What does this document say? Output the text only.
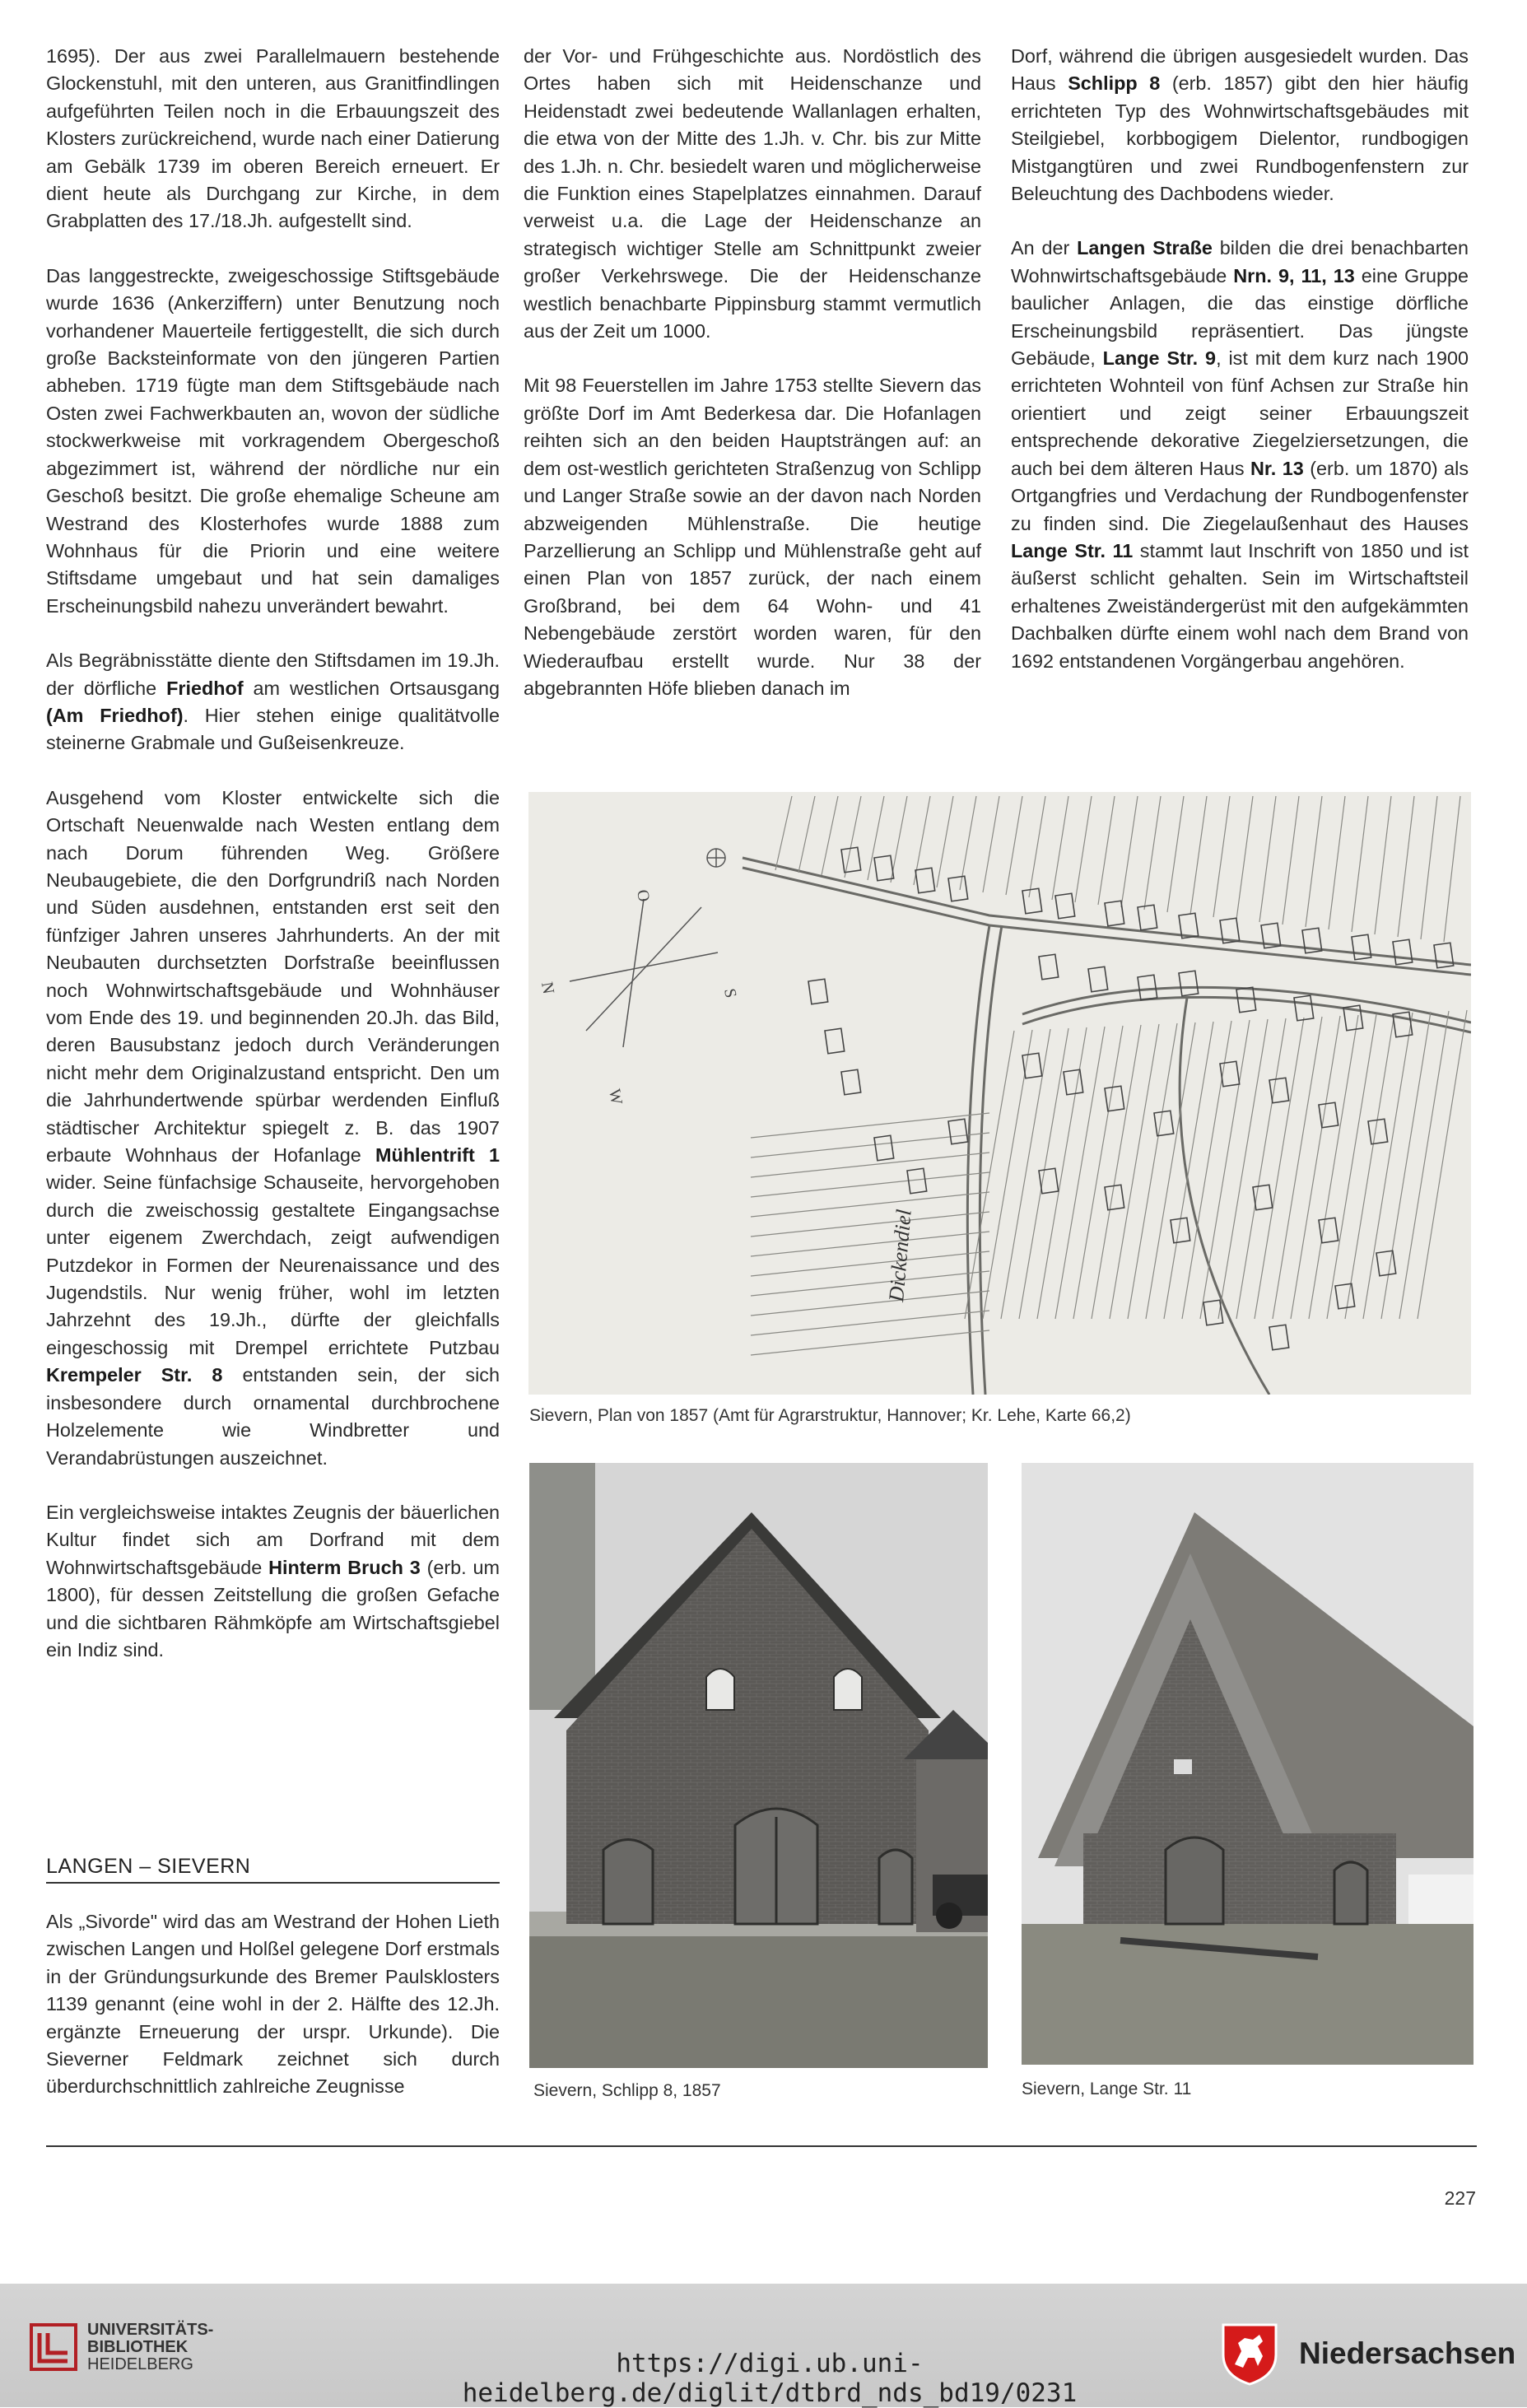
1695). Der aus zwei Parallelmauern bestehende Glockenstuhl, mit den unteren, aus Granitfindlingen aufgeführten Teilen noch in die Erbauungszeit des Klosters zurückreichend, wurde nach einer Datierung am Gebälk 1739 im oberen Bereich erneuert. Er dient heute als Durchgang zur Kirche, in dem Grabplatten des 17./18.Jh. aufgestellt sind.

Das langgestreckte, zweigeschossige Stiftsgebäude wurde 1636 (Ankerziffern) unter Benutzung noch vorhandener Mauerteile fertiggestellt, die sich durch große Backsteinformate von den jüngeren Partien abheben. 1719 fügte man dem Stiftsgebäude nach Osten zwei Fachwerkbauten an, wovon der südliche stockwerkweise mit vorkragendem Obergeschoß abgezimmert ist, während der nördliche nur ein Geschoß besitzt. Die große ehemalige Scheune am Westrand des Klosterhofes wurde 1888 zum Wohnhaus für die Priorin und eine weitere Stiftsdame umgebaut und hat sein damaliges Erscheinungsbild nahezu unverändert bewahrt.

Als Begräbnisstätte diente den Stiftsdamen im 19.Jh. der dörfliche Friedhof am westlichen Ortsausgang (Am Friedhof). Hier stehen einige qualitätvolle steinerne Grabmale und Gußeisenkreuze.

Ausgehend vom Kloster entwickelte sich die Ortschaft Neuenwalde nach Westen entlang dem nach Dorum führenden Weg. Größere Neubaugebiete, die den Dorfgrundriß nach Norden und Süden ausdehnen, entstanden erst seit den fünfziger Jahren unseres Jahrhunderts. An der mit Neubauten durchsetzten Dorfstraße beeinflussen noch Wohnwirtschaftsgebäude und Wohnhäuser vom Ende des 19. und beginnenden 20.Jh. das Bild, deren Bausubstanz jedoch durch Veränderungen nicht mehr dem Originalzustand entspricht. Den um die Jahrhundertwende spürbar werdenden Einfluß städtischer Architektur spiegelt z. B. das 1907 erbaute Wohnhaus der Hofanlage Mühlentrift 1 wider. Seine fünfachsige Schauseite, hervorgehoben durch die zweischossig gestaltete Eingangsachse unter eigenem Zwerchdach, zeigt aufwendigen Putzdekor in Formen der Neurenaissance und des Jugendstils. Nur wenig früher, wohl im letzten Jahrzehnt des 19.Jh., dürfte der gleichfalls eingeschossig mit Drempel errichtete Putzbau Krempeler Str. 8 entstanden sein, der sich insbesondere durch ornamental durchbrochene Holzelemente wie Windbretter und Verandabrüstungen auszeichnet.

Ein vergleichsweise intaktes Zeugnis der bäuerlichen Kultur findet sich am Dorfrand mit dem Wohnwirtschaftsgebäude Hinterm Bruch 3 (erb. um 1800), für dessen Zeitstellung die großen Gefache und die sichtbaren Rähmköpfe am Wirtschaftsgiebel ein Indiz sind.

LANGEN – SIEVERN

Als „Sivorde" wird das am Westrand der Hohen Lieth zwischen Langen und Holßel gelegene Dorf erstmals in der Gründungsurkunde des Bremer Paulsklosters 1139 genannt (eine wohl in der 2. Hälfte des 12.Jh. ergänzte Erneuerung der urspr. Urkunde). Die Sieverner Feldmark zeichnet sich durch überdurchschnittlich zahlreiche Zeugnisse

der Vor- und Frühgeschichte aus. Nordöstlich des Ortes haben sich mit Heidenschanze und Heidenstadt zwei bedeutende Wallanlagen erhalten, die etwa von der Mitte des 1.Jh. v. Chr. bis zur Mitte des 1.Jh. n. Chr. besiedelt waren und möglicherweise die Funktion eines Stapelplatzes einnahmen. Darauf verweist u.a. die Lage der Heidenschanze an strategisch wichtiger Stelle am Schnittpunkt zweier großer Verkehrswege. Die der Heidenschanze westlich benachbarte Pippinsburg stammt vermutlich aus der Zeit um 1000.

Mit 98 Feuerstellen im Jahre 1753 stellte Sievern das größte Dorf im Amt Bederkesa dar. Die Hofanlagen reihten sich an den beiden Hauptsträngen auf: an dem ost-westlich gerichteten Straßenzug von Schlipp und Langer Straße sowie an der davon nach Norden abzweigenden Mühlenstraße. Die heutige Parzellierung an Schlipp und Mühlenstraße geht auf einen Plan von 1857 zurück, der nach einem Großbrand, bei dem 64 Wohn- und 41 Nebengebäude zerstört worden waren, für den Wiederaufbau erstellt wurde. Nur 38 der abgebrannten Höfe blieben danach im

Dorf, während die übrigen ausgesiedelt wurden. Das Haus Schlipp 8 (erb. 1857) gibt den hier häufig errichteten Typ des Wohnwirtschaftsgebäudes mit Steilgiebel, korbbogigem Dielentor, rundbogigen Mistgangtüren und zwei Rundbogenfenstern zur Beleuchtung des Dachbodens wieder.

An der Langen Straße bilden die drei benachbarten Wohnwirtschaftsgebäude Nrn. 9, 11, 13 eine Gruppe baulicher Anlagen, die das einstige dörfliche Erscheinungsbild repräsentiert. Das jüngste Gebäude, Lange Str. 9, ist mit dem kurz nach 1900 errichteten Wohnteil von fünf Achsen zur Straße hin orientiert und zeigt seiner Erbauungszeit entsprechende dekorative Ziegelziersetzungen, die auch bei dem älteren Haus Nr. 13 (erb. um 1870) als Ortgangfries und Verdachung der Rundbogenfenster zu finden sind. Die Ziegelaußenhaut des Hauses Lange Str. 11 stammt laut Inschrift von 1850 und ist äußerst schlicht gehalten. Sein im Wirtschaftsteil erhaltenes Zweiständergerüst mit den aufgekämmten Dachbalken dürfte einem wohl nach dem Brand von 1692 entstandenen Vorgängerbau angehören.

O
S
W
N
Dickendiel
Sievern, Plan von 1857 (Amt für Agrarstruktur, Hannover; Kr. Lehe, Karte 66,2)
Sievern, Schlipp 8, 1857	Sievern, Lange Str. 11
227
UNIVERSITÄTS-
BIBLIOTHEK
HEIDELBERG	https://digi.ub.uni-heidelberg.de/diglit/dtbrd_nds_bd19/0231
Niedersachsen
